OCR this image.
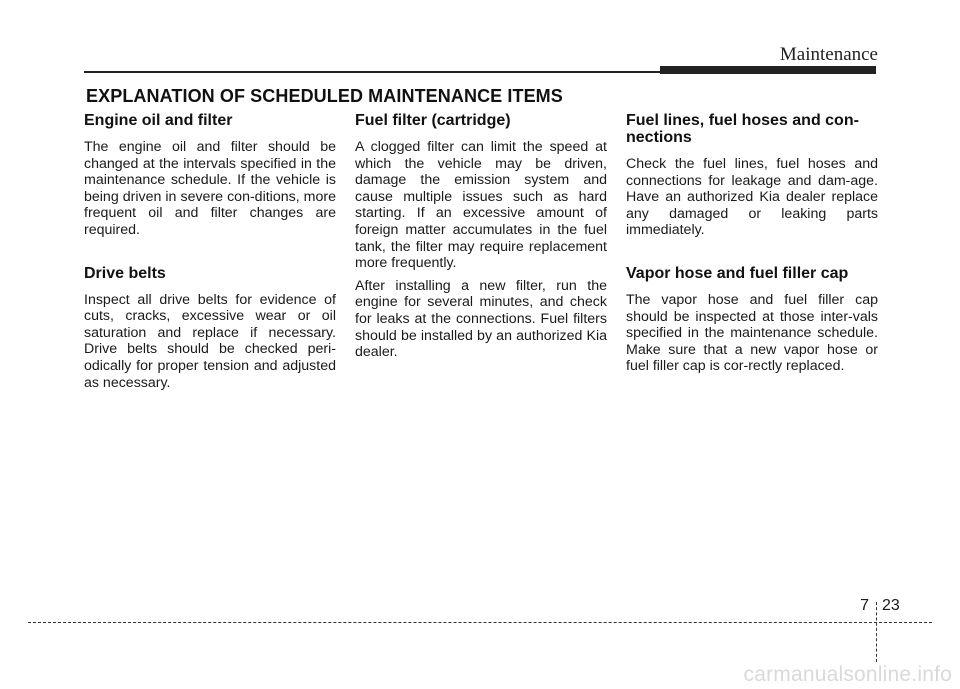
Maintenance

EXPLANATION OF SCHEDULED MAINTENANCE ITEMS
Engine oil and filter

The engine oil and filter should be changed at the intervals specified in the maintenance schedule. If the vehicle is being driven in severe con-ditions, more frequent oil and filter changes are required.

Drive belts

Inspect all drive belts for evidence of cuts, cracks, excessive wear or oil saturation and replace if necessary. Drive belts should be checked peri-odically for proper tension and adjusted as necessary.

Fuel filter (cartridge)

A clogged filter can limit the speed at which the vehicle may be driven, damage the emission system and cause multiple issues such as hard starting. If an excessive amount of foreign matter accumulates in the fuel tank, the filter may require replacement more frequently.

After installing a new filter, run the engine for several minutes, and check for leaks at the connections. Fuel filters should be installed by an authorized Kia dealer.

Fuel lines, fuel hoses and con-nections

Check the fuel lines, fuel hoses and connections for leakage and dam-age. Have an authorized Kia dealer replace any damaged or leaking parts immediately.

Vapor hose and fuel filler cap

The vapor hose and fuel filler cap should be inspected at those inter-vals specified in the maintenance schedule. Make sure that a new vapor hose or fuel filler cap is cor-rectly replaced.

7 23

carmanualsonline.info
